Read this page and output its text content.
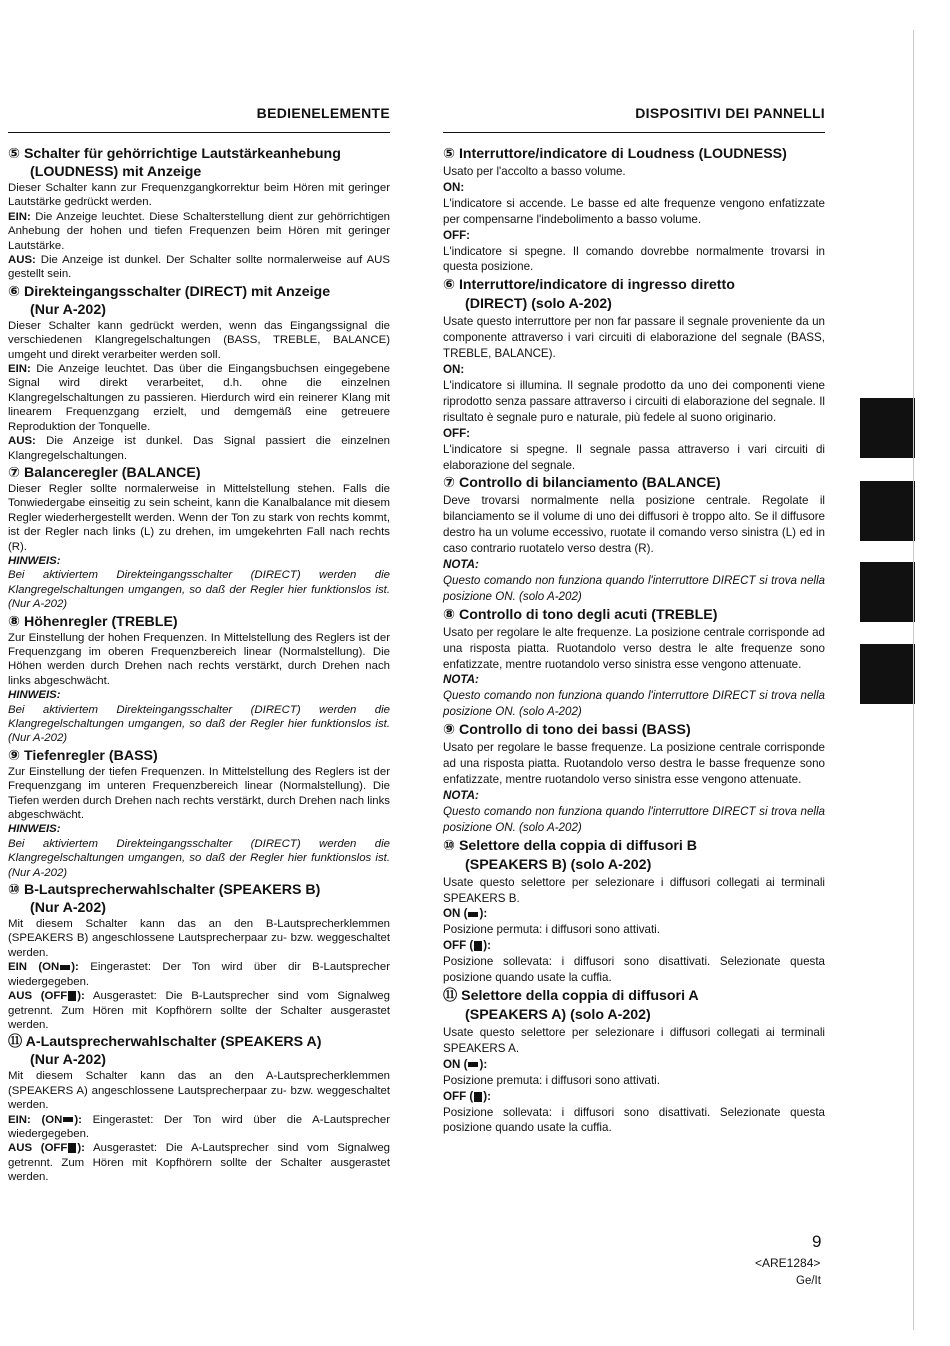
BEDIENELEMENTE
⑤ Schalter für gehörrichtige Lautstärkeanhebung
(LOUDNESS) mit Anzeige

Dieser Schalter kann zur Frequenzgangkorrektur beim Hören mit geringer Lautstärke gedrückt werden.

EIN: Die Anzeige leuchtet. Diese Schalterstellung dient zur gehörrichtigen Anhebung der hohen und tiefen Frequenzen beim Hören mit geringer Lautstärke.

AUS: Die Anzeige ist dunkel. Der Schalter sollte normalerweise auf AUS gestellt sein.

⑥ Direkteingangsschalter (DIRECT) mit Anzeige
(Nur A-202)

Dieser Schalter kann gedrückt werden, wenn das Eingangssignal die verschiedenen Klangregelschaltungen (BASS, TREBLE, BALANCE) umgeht und direkt verarbeiter werden soll.

EIN: Die Anzeige leuchtet. Das über die Eingangsbuchsen eingegebene Signal wird direkt verarbeitet, d.h. ohne die einzelnen Klangregelschaltungen zu passieren. Hierdurch wird ein reinerer Klang mit linearem Frequenzgang erzielt, und demgemäß eine getreuere Reproduktion der Tonquelle.

AUS: Die Anzeige ist dunkel. Das Signal passiert die einzelnen Klangregelschaltungen.

⑦ Balanceregler (BALANCE)

Dieser Regler sollte normalerweise in Mittelstellung stehen. Falls die Tonwiedergabe einseitig zu sein scheint, kann die Kanalbalance mit diesem Regler wiederhergestellt werden. Wenn der Ton zu stark von rechts kommt, ist der Regler nach links (L) zu drehen, im umgekehrten Fall nach rechts (R).

HINWEIS:

Bei aktiviertem Direkteingangsschalter (DIRECT) werden die Klangregelschaltungen umgangen, so daß der Regler hier funktionslos ist. (Nur A-202)

⑧ Höhenregler (TREBLE)

Zur Einstellung der hohen Frequenzen. In Mittelstellung des Reglers ist der Frequenzgang im oberen Frequenzbereich linear (Normalstellung). Die Höhen werden durch Drehen nach rechts verstärkt, durch Drehen nach links abgeschwächt.

HINWEIS:

Bei aktiviertem Direkteingangsschalter (DIRECT) werden die Klangregelschaltungen umgangen, so daß der Regler hier funktionslos ist. (Nur A-202)

⑨ Tiefenregler (BASS)

Zur Einstellung der tiefen Frequenzen. In Mittelstellung des Reglers ist der Frequenzgang im unteren Frequenzbereich linear (Normalstellung). Die Tiefen werden durch Drehen nach rechts verstärkt, durch Drehen nach links abgeschwächt.

HINWEIS:

Bei aktiviertem Direkteingangsschalter (DIRECT) werden die Klangregelschaltungen umgangen, so daß der Regler hier funktionslos ist. (Nur A-202)

⑩ B-Lautsprecherwahlschalter (SPEAKERS B)
(Nur A-202)

Mit diesem Schalter kann das an den B-Lautsprecherklemmen (SPEAKERS B) angeschlossene Lautsprecherpaar zu- bzw. weggeschaltet werden.

EIN (ON ): Eingerastet: Der Ton wird über dir B-Lautsprecher wiedergegeben.

AUS (OFF ): Ausgerastet: Die B-Lautsprecher sind vom Signalweg getrennt. Zum Hören mit Kopfhörern sollte der Schalter ausgerastet werden.

⑪ A-Lautsprecherwahlschalter (SPEAKERS A)
(Nur A-202)

Mit diesem Schalter kann das an den A-Lautsprecherklemmen (SPEAKERS A) angeschlossene Lautsprecherpaar zu- bzw. weggeschaltet werden.

EIN: (ON ): Eingerastet: Der Ton wird über die A-Lautsprecher wiedergegeben.

AUS (OFF ): Ausgerastet: Die A-Lautsprecher sind vom Signalweg getrennt. Zum Hören mit Kopfhörern sollte der Schalter ausgerastet werden.

DISPOSITIVI DEI PANNELLI
⑤ Interruttore/indicatore di Loudness (LOUDNESS)

Usato per l'accolto a basso volume.

ON:

L'indicatore si accende. Le basse ed alte frequenze vengono enfatizzate per compensarne l'indebolimento a basso volume.

OFF:

L'indicatore si spegne. Il comando dovrebbe normalmente trovarsi in questa posizione.

⑥ Interruttore/indicatore di ingresso diretto
(DIRECT) (solo A-202)

Usate questo interruttore per non far passare il segnale proveniente da un componente attraverso i vari circuiti di elaborazione del segnale (BASS, TREBLE, BALANCE).

ON:

L'indicatore si illumina. Il segnale prodotto da uno dei componenti viene riprodotto senza passare attraverso i circuiti di elaborazione del segnale. Il risultato è segnale puro e naturale, più fedele al suono originario.

OFF:

L'indicatore si spegne. Il segnale passa attraverso i vari circuiti di elaborazione del segnale.

⑦ Controllo di bilanciamento (BALANCE)

Deve trovarsi normalmente nella posizione centrale. Regolate il bilanciamento se il volume di uno dei diffusori è troppo alto. Se il diffusore destro ha un volume eccessivo, ruotate il comando verso sinistra (L) ed in caso contrario ruotatelo verso destra (R).

NOTA:

Questo comando non funziona quando l'interruttore DIRECT si trova nella posizione ON. (solo A-202)

⑧ Controllo di tono degli acuti (TREBLE)

Usato per regolare le alte frequenze. La posizione centrale corrisponde ad una risposta piatta. Ruotandolo verso destra le alte frequenze sono enfatizzate, mentre ruotandolo verso sinistra esse vengono attenuate.

NOTA:

Questo comando non funziona quando l'interruttore DIRECT si trova nella posizione ON. (solo A-202)

⑨ Controllo di tono dei bassi (BASS)

Usato per regolare le basse frequenze. La posizione centrale corrisponde ad una risposta piatta. Ruotandolo verso destra le basse frequenze sono enfatizzate, mentre ruotandolo verso sinistra esse vengono attenuate.

NOTA:

Questo comando non funziona quando l'interruttore DIRECT si trova nella posizione ON. (solo A-202)

⑩ Selettore della coppia di diffusori B
(SPEAKERS B) (solo A-202)

Usate questo selettore per selezionare i diffusori collegati ai terminali SPEAKERS B.

ON ( ):

Posizione permuta: i diffusori sono attivati.

OFF ( ):

Posizione sollevata: i diffusori sono disattivati. Selezionate questa posizione quando usate la cuffia.

⑪ Selettore della coppia di diffusori A
(SPEAKERS A) (solo A-202)

Usate questo selettore per selezionare i diffusori collegati ai terminali SPEAKERS A.

ON ( ):

Posizione premuta: i diffusori sono attivati.

OFF ( ):

Posizione sollevata: i diffusori sono disattivati. Selezionate questa posizione quando usate la cuffia.

9
<ARE1284>
Ge/It
